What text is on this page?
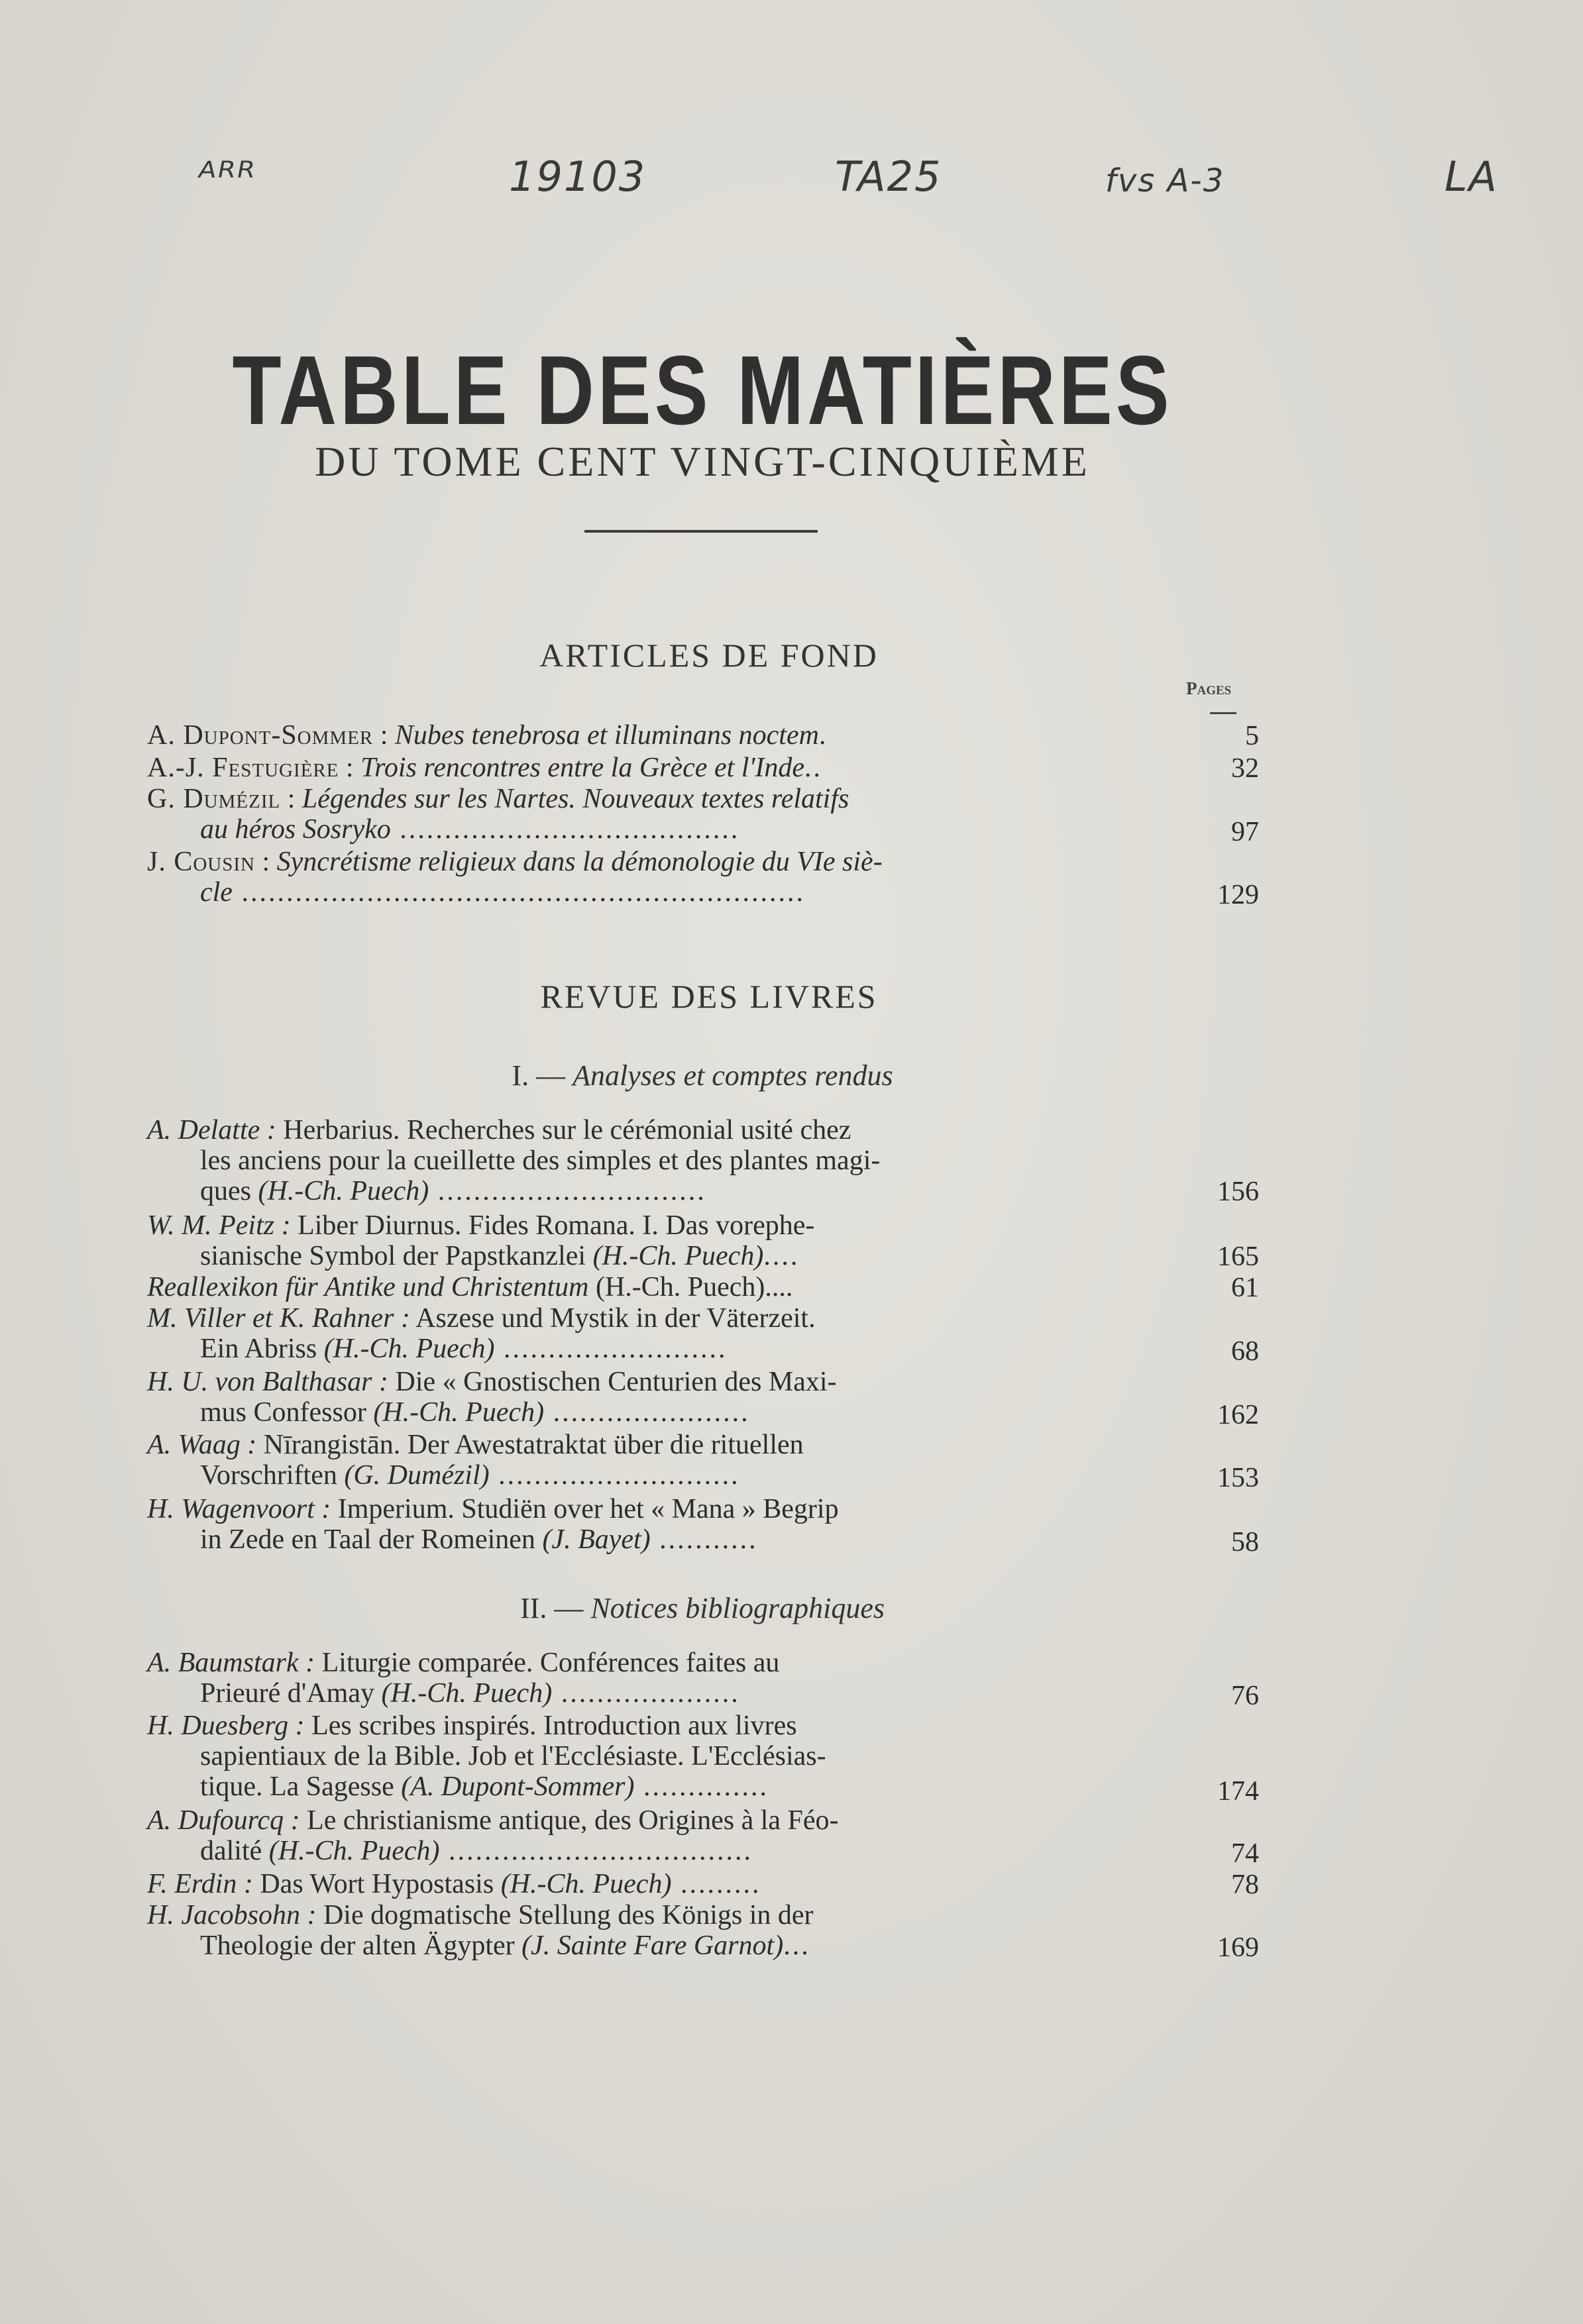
ᴬᴿᴿ	19103	TA25	fvs A-3	LA
TABLE DES MATIÈRES
DU TOME CENT VINGT-CINQUIÈME
ARTICLES DE FOND
Pages
A. Dupont-Sommer : Nubes tenebrosa et illuminans noctem.	5
A.-J. Festugière : Trois rencontres entre la Grèce et l'Inde..	32
G. Dumézil : Légendes sur les Nartes. Nouveaux textes relatifs
au héros Sosryko ......................................	97
J. Cousin : Syncrétisme religieux dans la démonologie du VIe siè-
cle ...............................................................	129
REVUE DES LIVRES
I. — Analyses et comptes rendus
A. Delatte : Herbarius. Recherches sur le cérémonial usité chez
les anciens pour la cueillette des simples et des plantes magi-
ques (H.-Ch. Puech) ..............................	156
W. M. Peitz : Liber Diurnus. Fides Romana. I. Das vorephe-
sianische Symbol der Papstkanzlei (H.-Ch. Puech)....	165
Reallexikon für Antike und Christentum (H.-Ch. Puech)....	61
M. Viller et K. Rahner : Aszese und Mystik in der Väterzeit.
Ein Abriss (H.-Ch. Puech) .........................	68
H. U. von Balthasar : Die « Gnostischen Centurien des Maxi-
mus Confessor (H.-Ch. Puech) ......................	162
A. Waag : Nīrangistān. Der Awestatraktat über die rituellen
Vorschriften (G. Dumézil) ...........................	153
H. Wagenvoort : Imperium. Studiën over het « Mana » Begrip
in Zede en Taal der Romeinen (J. Bayet) ...........	58
II. — Notices bibliographiques
A. Baumstark : Liturgie comparée. Conférences faites au
Prieuré d'Amay (H.-Ch. Puech) ....................	76
H. Duesberg : Les scribes inspirés. Introduction aux livres
sapientiaux de la Bible. Job et l'Ecclésiaste. L'Ecclésias-
tique. La Sagesse (A. Dupont-Sommer) ..............	174
A. Dufourcq : Le christianisme antique, des Origines à la Féo-
dalité (H.-Ch. Puech) ..................................	74
F. Erdin : Das Wort Hypostasis (H.-Ch. Puech) .........	78
H. Jacobsohn : Die dogmatische Stellung des Königs in der
Theologie der alten Ägypter (J. Sainte Fare Garnot)...	169
